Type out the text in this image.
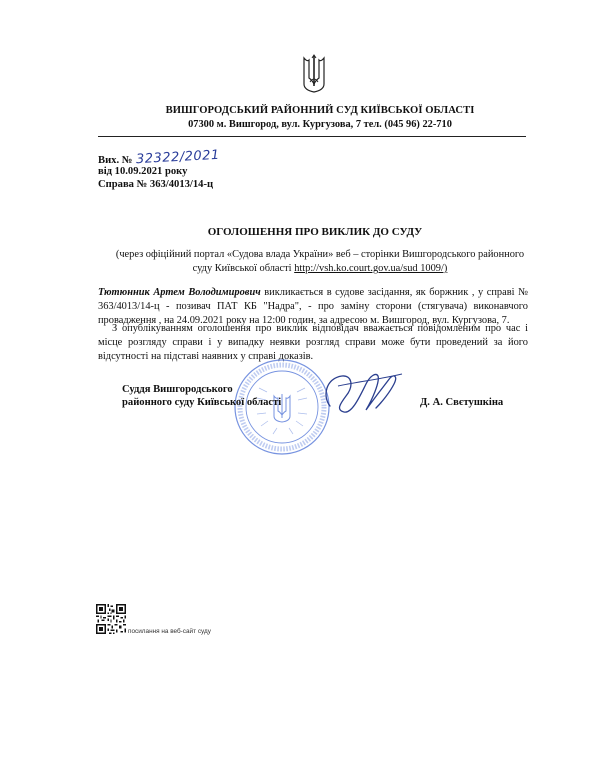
ВИШГОРОДСЬКИЙ РАЙОННИЙ СУД КИЇВСЬКОЇ ОБЛАСТІ
07300 м. Вишгород, вул. Кургузова, 7 тел. (045 96) 22-710
Вих. № 32322/2021
від 10.09.2021 року
Справа № 363/4013/14-ц
ОГОЛОШЕННЯ ПРО ВИКЛИК ДО СУДУ
(через офіційний портал «Судова влада України» веб – сторінки Вишгородського районного
суду Київської області http://vsh.ko.court.gov.ua/sud 1009/)
Тютюнник Артем Володимирович викликається в судове засідання, як боржник , у справі № 363/4013/14-ц - позивач ПАТ КБ "Надра", - про заміну сторони (стягувача) виконавчого провадження , на 24.09.2021 року на 12:00 годин, за адресою м. Вишгород, вул. Кургузова, 7.
З опублікуванням оголошення про виклик відповідач вважається повідомленим про час і місце розгляду справи і у випадку неявки розгляд справи може бути проведений за його відсутності на підставі наявних у справі доказів.
Суддя Вишгородського
районного суду Київської області	Д. А. Свєтушкіна
посилання на веб-сайт суду
